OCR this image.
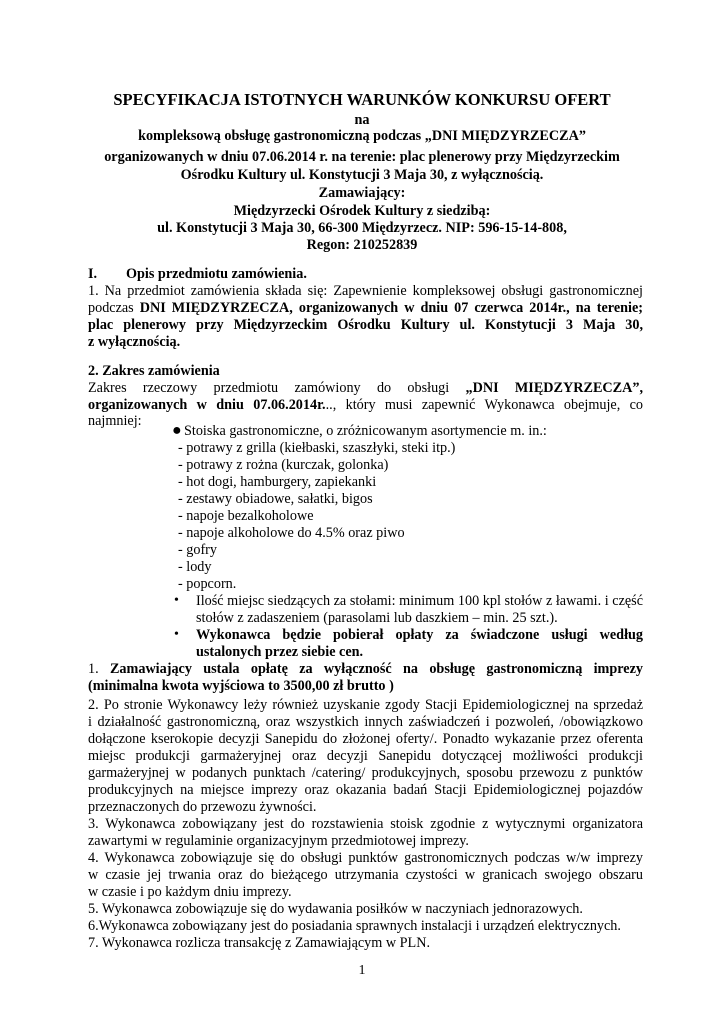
SPECYFIKACJA ISTOTNYCH WARUNKÓW KONKURSU OFERT
na
kompleksową obsługę gastronomiczną podczas „DNI MIĘDZYRZECZA”
organizowanych w dniu 07.06.2014 r. na terenie: plac plenerowy przy Międzyrzeckim
Ośrodku Kultury ul. Konstytucji 3 Maja 30, z wyłącznością.
Zamawiający:
Międzyrzecki Ośrodek Kultury z siedzibą:
ul. Konstytucji 3 Maja 30, 66-300 Międzyrzecz. NIP: 596-15-14-808,
Regon: 210252839
I. Opis przedmiotu zamówienia.
1. Na przedmiot zamówienia składa się: Zapewnienie kompleksowej obsługi gastronomicznej
podczas DNI MIĘDZYRZECZA, organizowanych w dniu 07 czerwca 2014r., na terenie;
plac plenerowy przy Międzyrzeckim Ośrodku Kultury ul. Konstytucji 3 Maja 30,
z wyłącznością.
2. Zakres zamówienia
Zakres rzeczowy przedmiotu zamówiony do obsługi „DNI MIĘDZYRZECZA”,
organizowanych w dniu 07.06.2014r..., który musi zapewnić Wykonawca obejmuje, co
najmniej:
● Stoiska gastronomiczne, o zróżnicowanym asortymencie m. in.:
- potrawy z grilla (kiełbaski, szaszłyki, steki itp.)
- potrawy z rożna (kurczak, golonka)
- hot dogi, hamburgery, zapiekanki
- zestawy obiadowe, sałatki, bigos
- napoje bezalkoholowe
- napoje alkoholowe do 4.5% oraz piwo
- gofry
- lody
- popcorn.
• Ilość miejsc siedzących za stołami: minimum 100 kpl stołów z ławami. i część
stołów z zadaszeniem (parasolami lub daszkiem – min. 25 szt.).
• Wykonawca będzie pobierał opłaty za świadczone usługi według
ustalonych przez siebie cen.
1. Zamawiający ustala opłatę za wyłączność na obsługę gastronomiczną imprezy
(minimalna kwota wyjściowa to 3500,00 zł brutto )
2. Po stronie Wykonawcy leży również uzyskanie zgody Stacji Epidemiologicznej na sprzedaż
i działalność gastronomiczną, oraz wszystkich innych zaświadczeń i pozwoleń, /obowiązkowo
dołączone kserokopie decyzji Sanepidu do złożonej oferty/. Ponadto wykazanie przez oferenta
miejsc produkcji garmażeryjnej oraz decyzji Sanepidu dotyczącej możliwości produkcji
garmażeryjnej w podanych punktach /catering/ produkcyjnych, sposobu przewozu z punktów
produkcyjnych na miejsce imprezy oraz okazania badań Stacji Epidemiologicznej pojazdów
przeznaczonych do przewozu żywności.
3. Wykonawca zobowiązany jest do rozstawienia stoisk zgodnie z wytycznymi organizatora
zawartymi w regulaminie organizacyjnym przedmiotowej imprezy.
4. Wykonawca zobowiązuje się do obsługi punktów gastronomicznych podczas w/w imprezy
w czasie jej trwania oraz do bieżącego utrzymania czystości w granicach swojego obszaru
w czasie i po każdym dniu imprezy.
5. Wykonawca zobowiązuje się do wydawania posiłków w naczyniach jednorazowych.
6.Wykonawca zobowiązany jest do posiadania sprawnych instalacji i urządzeń elektrycznych.
7. Wykonawca rozlicza transakcję z Zamawiającym w PLN.
1
